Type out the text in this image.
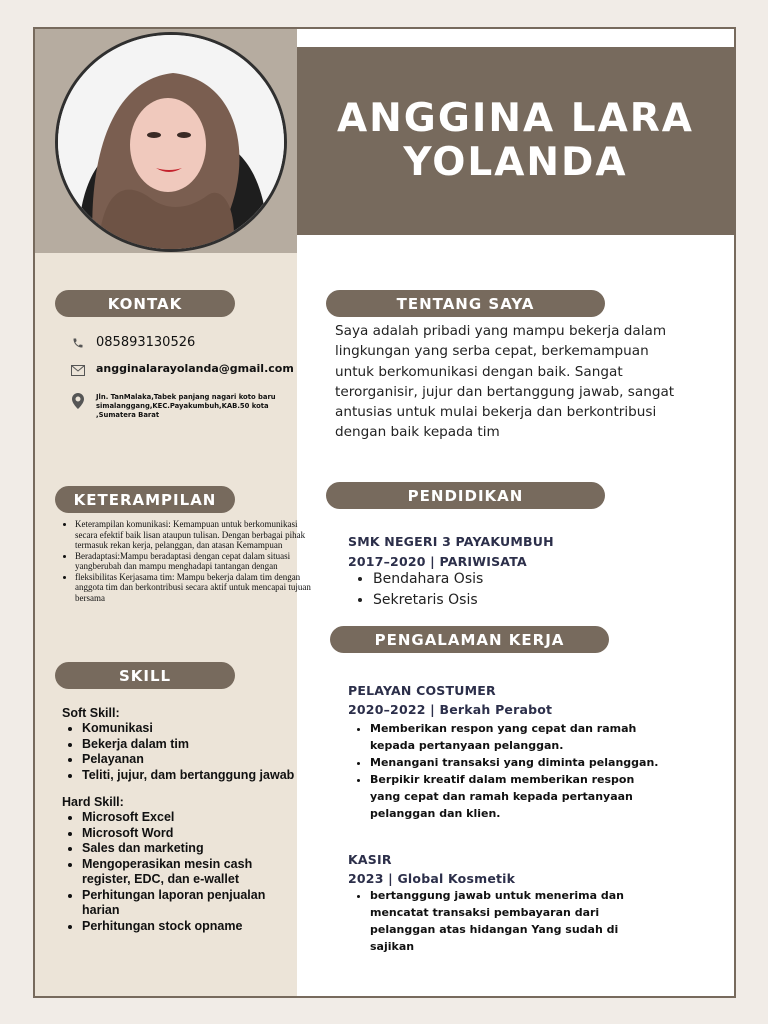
ANGGINA LARA YOLANDA
KONTAK	TENTANG SAYA
KETERAMPILAN	PENDIDIKAN
SKILL
PENGALAMAN KERJA
085893130526
angginalarayolanda@gmail.com
Jln. TanMalaka,Tabek panjang nagari koto baru simalanggang,KEC.Payakumbuh,KAB.50 kota ,Sumatera Barat
• Keterampilan komunikasi: Kemampuan untuk berkomunikasi secara efektif baik lisan ataupun tulisan. Dengan berbagai pihak termasuk rekan kerja, pelanggan, dan atasan Kemampuan
• Beradaptasi:Mampu beradaptasi dengan cepat dalam situasi yangberubah dan mampu menghadapi tantangan dengan
• fleksibilitas Kerjasama tim: Mampu bekerja dalam tim dengan anggota tim dan berkontribusi secara aktif untuk mencapai tujuan bersama
Soft Skill:
• Komunikasi
• Bekerja dalam tim
• Pelayanan
• Teliti, jujur, dam bertanggung jawab
Hard Skill:
• Microsoft Excel
• Microsoft Word
• Sales dan marketing
• Mengoperasikan mesin cash register, EDC, dan e-wallet
• Perhitungan laporan penjualan harian
• Perhitungan stock opname

Saya adalah pribadi yang mampu bekerja dalam lingkungan yang serba cepat, berkemampuan untuk berkomunikasi dengan baik. Sangat terorganisir, jujur dan bertanggung jawab, sangat antusias untuk mulai bekerja dan berkontribusi dengan baik kepada tim

SMK NEGERI 3 PAYAKUMBUH
2017–2020 | PARIWISATA
• Bendahara Osis
• Sekretaris Osis
PELAYAN COSTUMER
2020–2022 | Berkah Perabot
• Memberikan respon yang cepat dan ramah kepada pertanyaan pelanggan.
• Menangani transaksi yang diminta pelanggan.
• Berpikir kreatif dalam memberikan respon yang cepat dan ramah kepada pertanyaan pelanggan dan klien.
KASIR
2023 | Global Kosmetik
• bertanggung jawab untuk menerima dan mencatat transaksi pembayaran dari pelanggan atas hidangan Yang sudah di sajikan
